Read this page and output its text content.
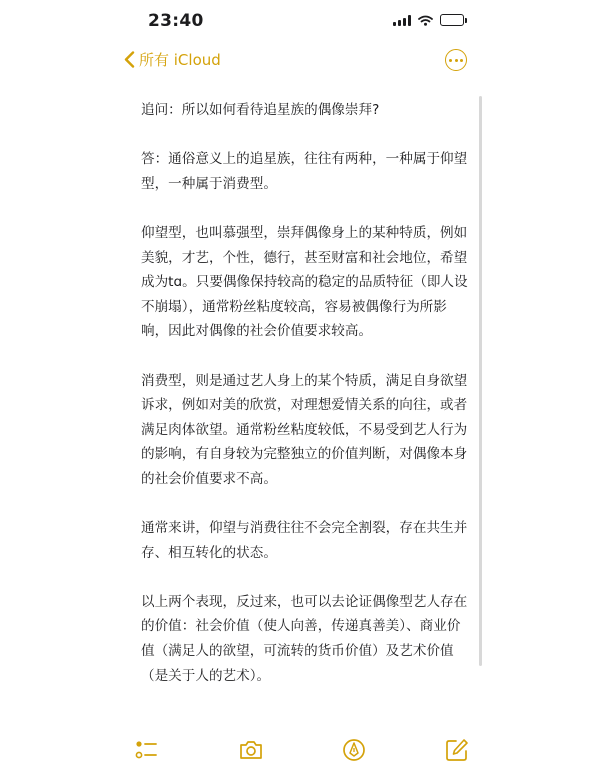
23:40
所有 iCloud

追问：所以如何看待追星族的偶像崇拜?

答：通俗意义上的追星族，往往有两种，一种属于仰望型，一种属于消费型。

仰望型，也叫慕强型，崇拜偶像身上的某种特质，例如美貌，才艺，个性，德行，甚至财富和社会地位，希望成为tɑ。只要偶像保持较高的稳定的品质特征（即人设不崩塌），通常粉丝粘度较高，容易被偶像行为所影响，因此对偶像的社会价值要求较高。

消费型，则是通过艺人身上的某个特质，满足自身欲望诉求，例如对美的欣赏，对理想爱情关系的向往，或者满足肉体欲望。通常粉丝粘度较低，不易受到艺人行为的影响，有自身较为完整独立的价值判断，对偶像本身的社会价值要求不高。

通常来讲，仰望与消费往往不会完全割裂，存在共生并存、相互转化的状态。

以上两个表现，反过来，也可以去论证偶像型艺人存在的价值：社会价值（使人向善，传递真善美）、商业价值（满足人的欲望，可流转的货币价值）及艺术价值（是关于人的艺术）。
